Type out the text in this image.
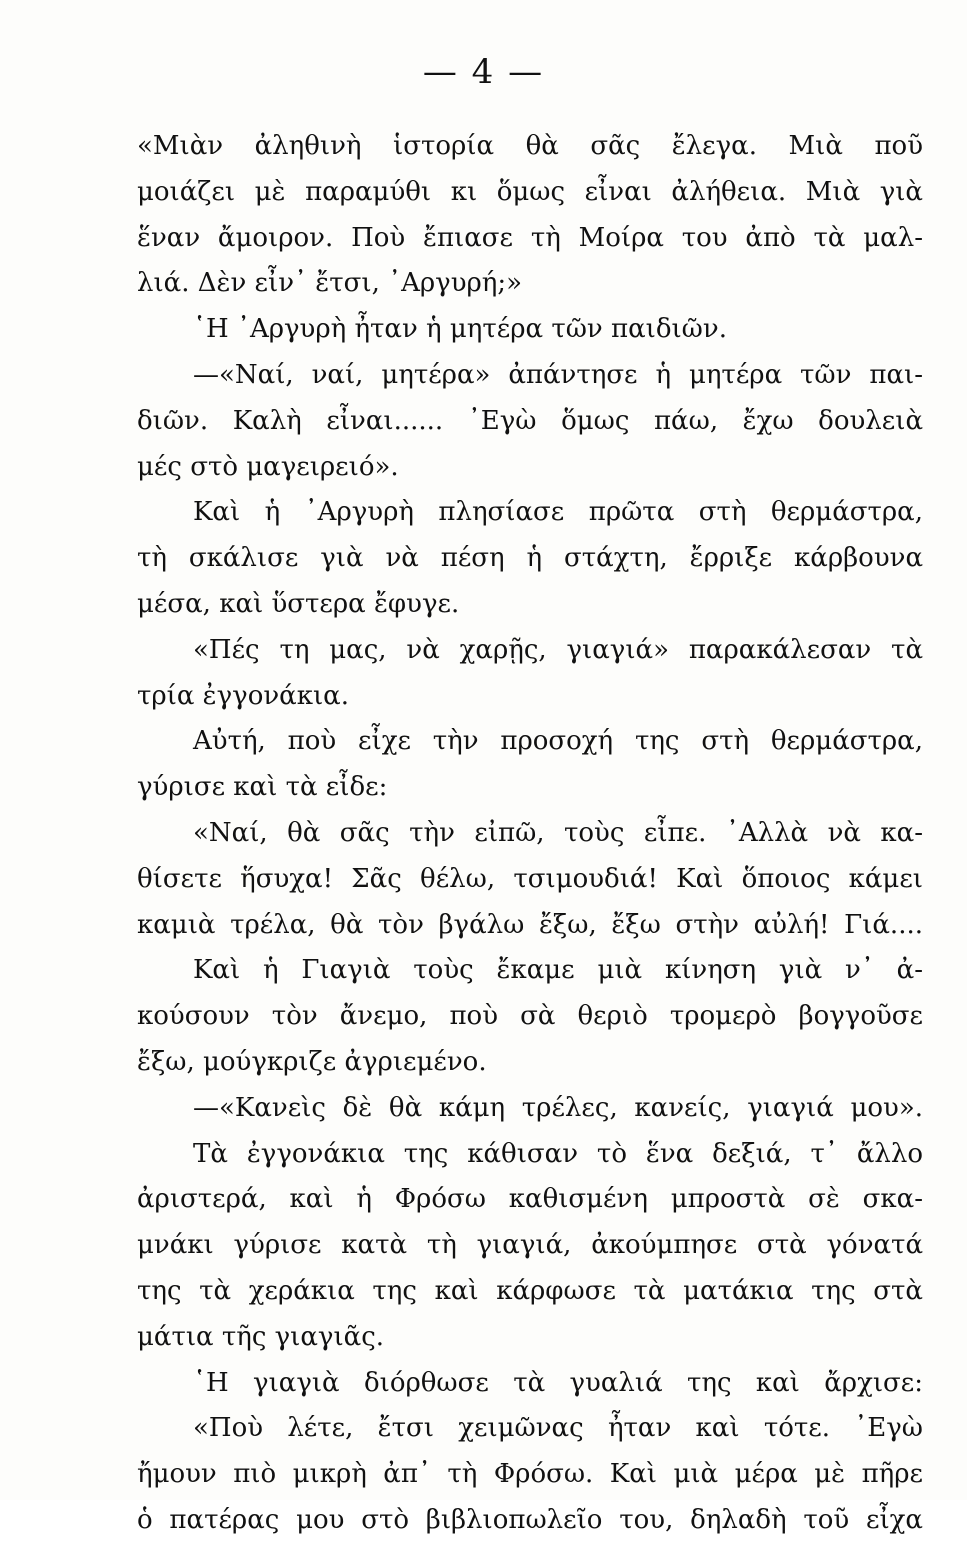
— 4 —
«Μιὰν ἀληθινὴ ἱστορία θὰ σᾶς ἔλεγα. Μιὰ ποῦ
μοιάζει μὲ παραμύθι κι ὅμως εἶναι ἀλήθεια. Μιὰ γιὰ
ἕναν ἄμοιρον. Ποὺ ἔπιασε τὴ Μοίρα του ἀπὸ τὰ μαλ-
λιά. Δὲν εἶν᾽ ἔτσι, ᾽Αργυρή;»
῾Η ᾽Αργυρὴ ἦταν ἡ μητέρα τῶν παιδιῶν.
—«Ναί, ναί, μητέρα» ἀπάντησε ἡ μητέρα τῶν παι-
διῶν. Καλὴ εἶναι...... ᾽Εγὼ ὅμως πάω, ἔχω δουλειὰ
μές στὸ μαγειρειό».
Καὶ ἡ ᾽Αργυρὴ πλησίασε πρῶτα στὴ θερμάστρα,
τὴ σκάλισε γιὰ νὰ πέση ἡ στάχτη, ἔρριξε κάρβουνα
μέσα, καὶ ὕστερα ἔφυγε.
«Πές τη μας, νὰ χαρῇς, γιαγιά» παρακάλεσαν τὰ
τρία ἐγγονάκια.
Αὐτή, ποὺ εἶχε τὴν προσοχή της στὴ θερμάστρα,
γύρισε καὶ τὰ εἶδε:
«Ναί, θὰ σᾶς τὴν εἰπῶ, τοὺς εἶπε. ᾽Αλλὰ νὰ κα-
θίσετε ἥσυχα! Σᾶς θέλω, τσιμουδιά! Καὶ ὅποιος κάμει
καμιὰ τρέλα, θὰ τὸν βγάλω ἔξω, ἔξω στὴν αὐλή! Γιά....
Καὶ ἡ Γιαγιὰ τοὺς ἔκαμε μιὰ κίνηση γιὰ ν᾽ ἀ-
κούσουν τὸν ἄνεμο, ποὺ σὰ θεριὸ τρομερὸ βογγοῦσε
ἔξω, μούγκριζε ἀγριεμένο.
—«Κανεὶς δὲ θὰ κάμη τρέλες, κανείς, γιαγιά μου».
Τὰ ἐγγονάκια της κάθισαν τὸ ἕνα δεξιά, τ᾽ ἄλλο
ἀριστερά, καὶ ἡ Φρόσω καθισμένη μπροστὰ σὲ σκα-
μνάκι γύρισε κατὰ τὴ γιαγιά, ἀκούμπησε στὰ γόνατά
της τὰ χεράκια της καὶ κάρφωσε τὰ ματάκια της στὰ
μάτια τῆς γιαγιᾶς.
῾Η γιαγιὰ διόρθωσε τὰ γυαλιά της καὶ ἄρχισε:
«Ποὺ λέτε, ἔτσι χειμῶνας ἦταν καὶ τότε. ᾽Εγὼ
ἤμουν πιὸ μικρὴ ἀπ᾽ τὴ Φρόσω. Καὶ μιὰ μέρα μὲ πῆρε
ὁ πατέρας μου στὸ βιβλιοπωλεῖο του, δηλαδὴ τοῦ εἶχα
